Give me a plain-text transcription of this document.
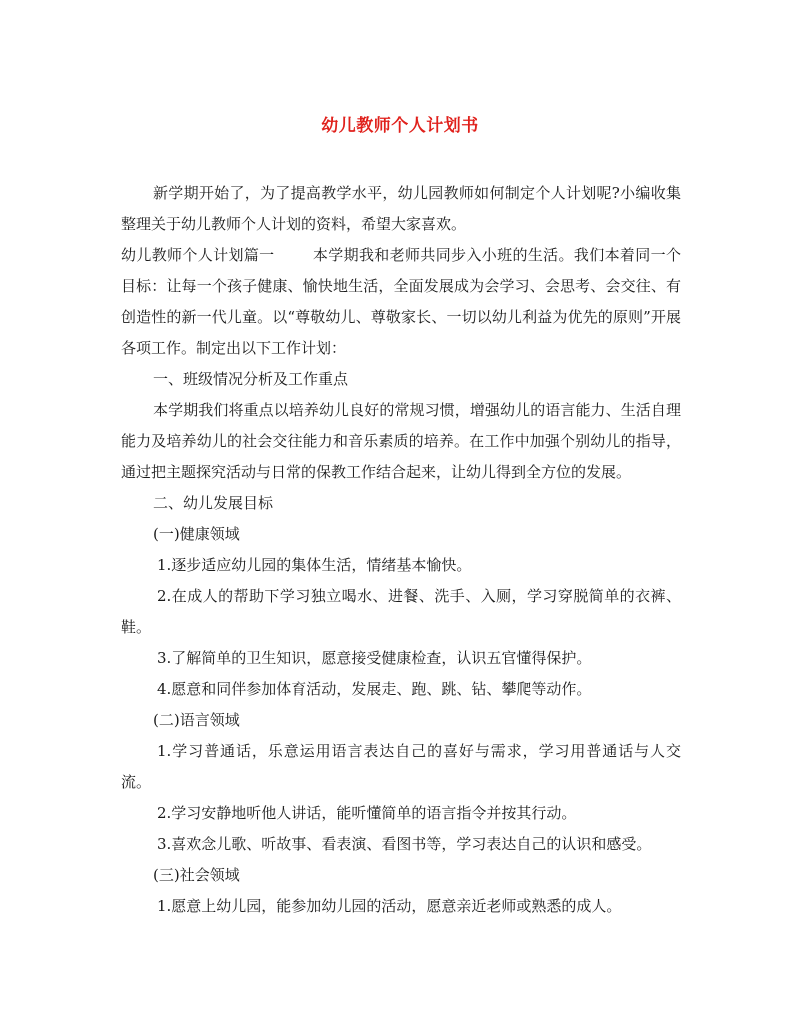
幼儿教师个人计划书

新学期开始了，为了提高教学水平，幼儿园教师如何制定个人计划呢?小编收集整理关于幼儿教师个人计划的资料，希望大家喜欢。

幼儿教师个人计划篇一	本学期我和老师共同步入小班的生活。我们本着同一个目标：让每一个孩子健康、愉快地生活，全面发展成为会学习、会思考、会交往、有创造性的新一代儿童。以“尊敬幼儿、尊敬家长、一切以幼儿利益为优先的原则”开展各项工作。制定出以下工作计划：

一、班级情况分析及工作重点

本学期我们将重点以培养幼儿良好的常规习惯，增强幼儿的语言能力、生活自理能力及培养幼儿的社会交往能力和音乐素质的培养。在工作中加强个别幼儿的指导，通过把主题探究活动与日常的保教工作结合起来，让幼儿得到全方位的发展。

二、幼儿发展目标

(一)健康领域

1.逐步适应幼儿园的集体生活，情绪基本愉快。

2.在成人的帮助下学习独立喝水、进餐、洗手、入厕，学习穿脱简单的衣裤、鞋。

3.了解简单的卫生知识，愿意接受健康检查，认识五官懂得保护。

4.愿意和同伴参加体育活动，发展走、跑、跳、钻、攀爬等动作。

(二)语言领域

1.学习普通话，乐意运用语言表达自己的喜好与需求，学习用普通话与人交流。

2.学习安静地听他人讲话，能听懂简单的语言指令并按其行动。

3.喜欢念儿歌、听故事、看表演、看图书等，学习表达自己的认识和感受。

(三)社会领域

1.愿意上幼儿园，能参加幼儿园的活动，愿意亲近老师或熟悉的成人。
